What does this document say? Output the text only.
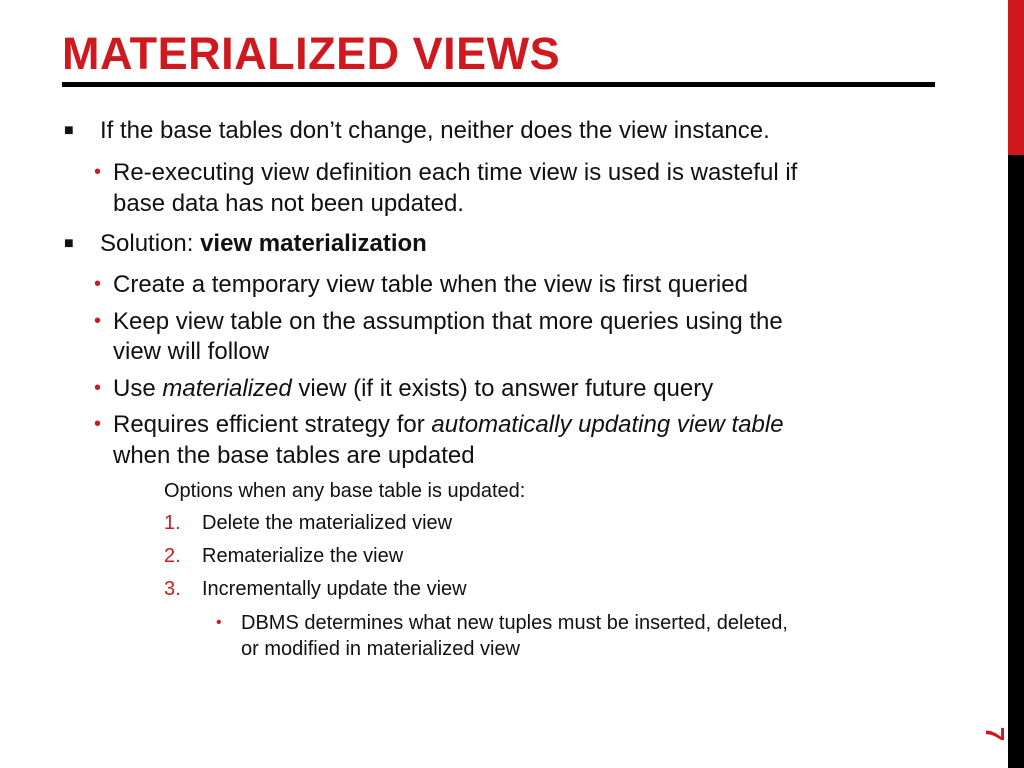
MATERIALIZED VIEWS
7
■ If the base tables don’t change, neither does the view instance.
• Re-executing view definition each time view is used is wasteful if
base data has not been updated.
■ Solution: view materialization
• Create a temporary view table when the view is first queried
• Keep view table on the assumption that more queries using the
view will follow
• Use materialized view (if it exists) to answer future query
• Requires efficient strategy for automatically updating view table
when the base tables are updated
Options when any base table is updated:
1. Delete the materialized view
2. Rematerialize the view
3. Incrementally update the view
• DBMS determines what new tuples must be inserted, deleted,
or modified in materialized view
